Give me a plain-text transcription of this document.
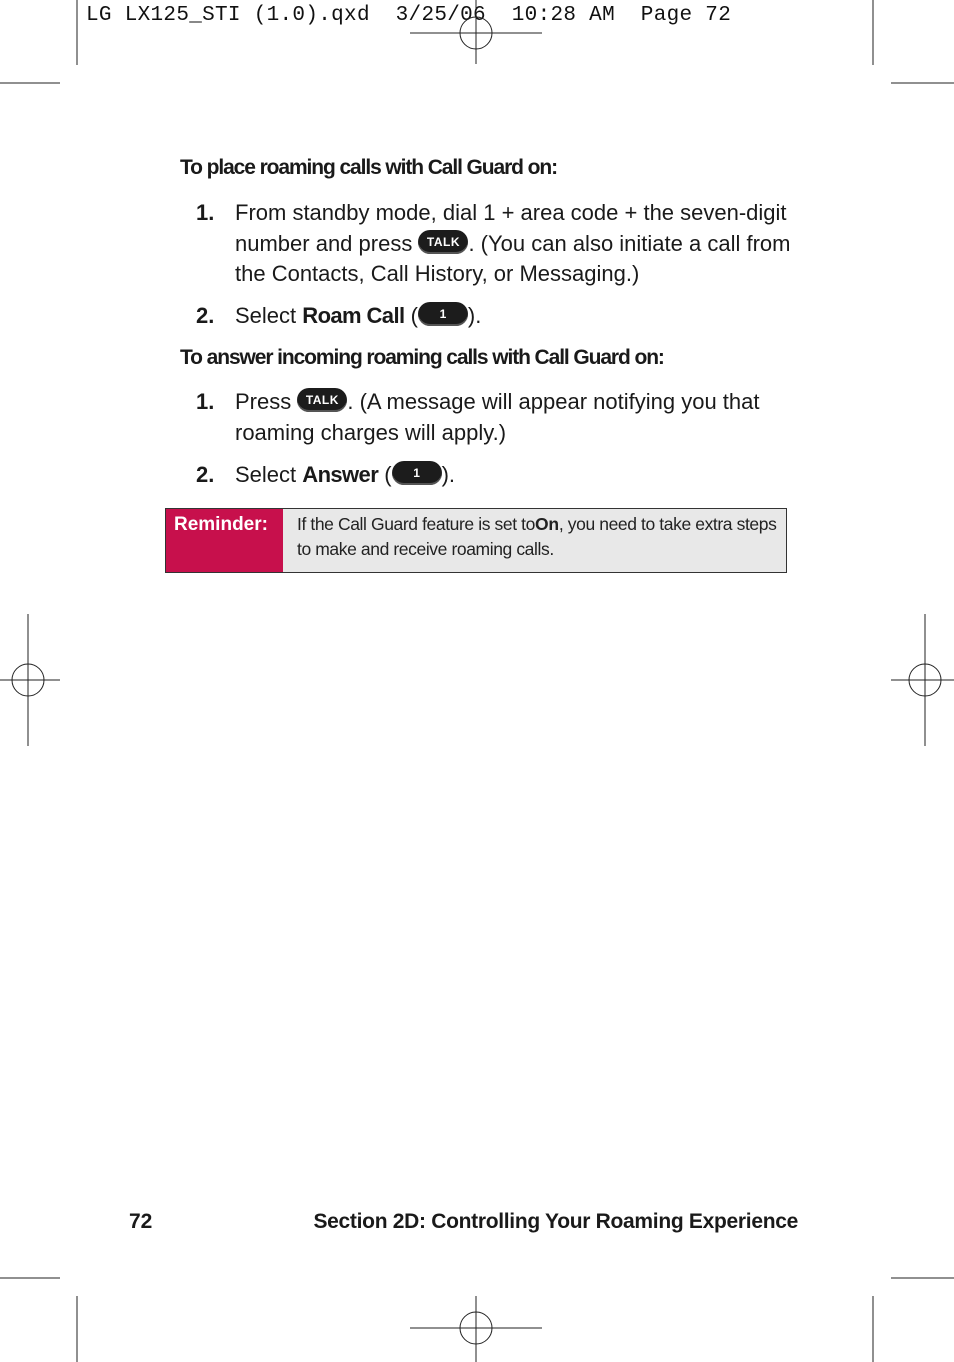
LG LX125_STI (1.0).qxd  3/25/06  10:28 AM  Page 72
To place roaming calls with Call Guard on:
1. From standby mode, dial 1 + area code + the seven-digit number and press TALK . (You can also initiate a call from the Contacts, Call History, or Messaging.)
2. Select Roam Call ( 1 ).
To answer incoming roaming calls with Call Guard on:
1. Press TALK . (A message will appear notifying you that roaming charges will apply.)
2. Select Answer ( 1 ).
Reminder:	If the Call Guard feature is set toOn, you need to take extra steps to make and receive roaming calls.
72	Section 2D: Controlling Your Roaming Experience
